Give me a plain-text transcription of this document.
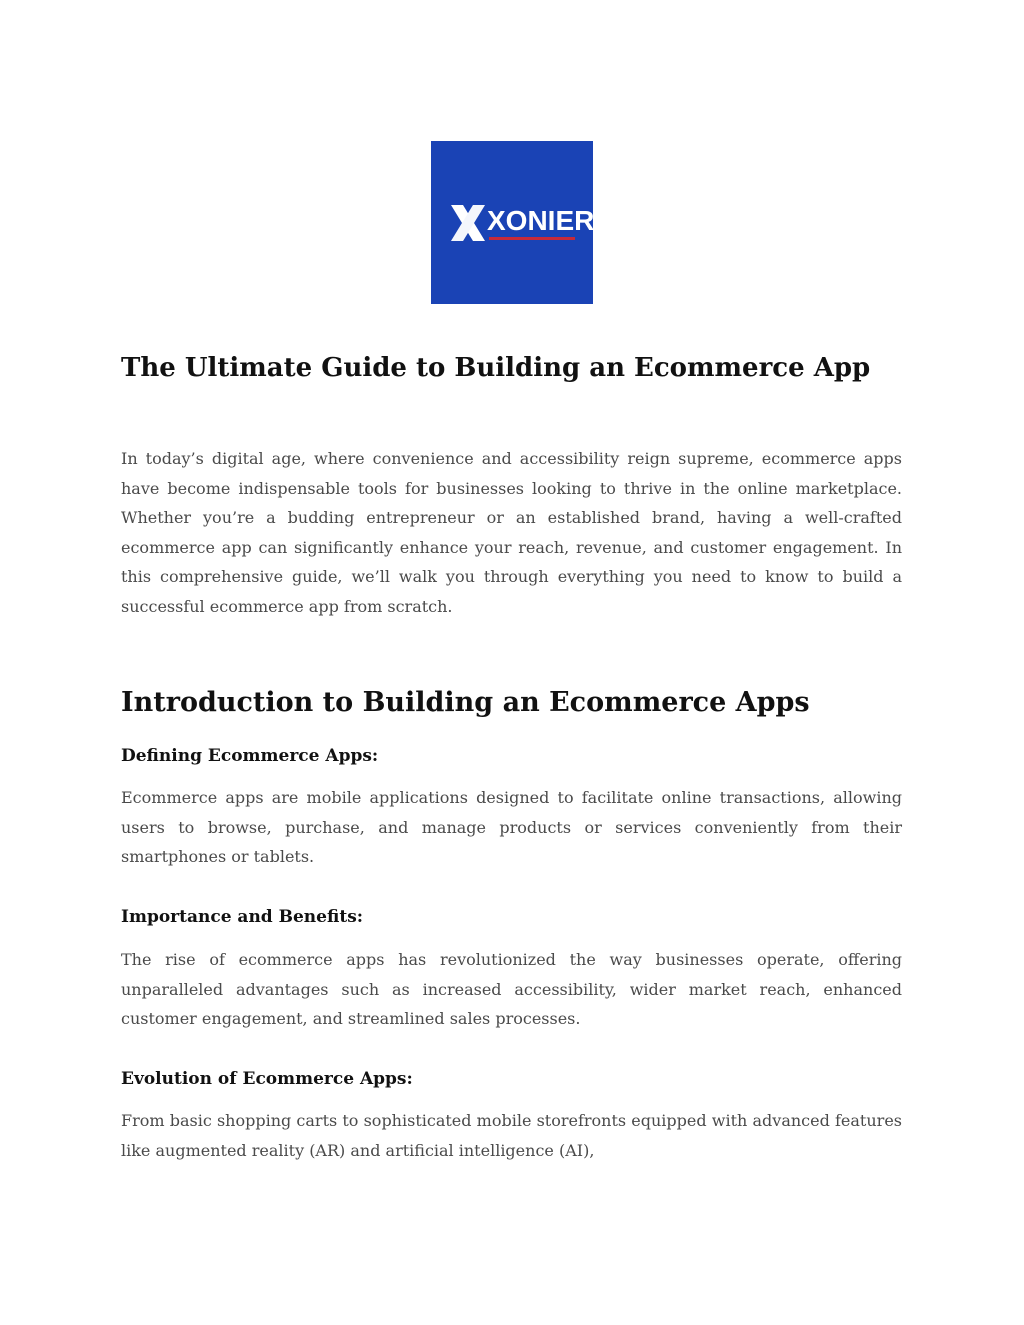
XONIER
The Ultimate Guide to Building an Ecommerce App

In today’s digital age, where convenience and accessibility reign supreme, ecommerce apps have become indispensable tools for businesses looking to thrive in the online marketplace. Whether you’re a budding entrepreneur or an established brand, having a well-crafted ecommerce app can significantly enhance your reach, revenue, and customer engagement. In this comprehensive guide, we’ll walk you through everything you need to know to build a successful ecommerce app from scratch.

Introduction to Building an Ecommerce Apps
Defining Ecommerce Apps:

Ecommerce apps are mobile applications designed to facilitate online transactions, allowing users to browse, purchase, and manage products or services conveniently from their smartphones or tablets.

Importance and Benefits:

The rise of ecommerce apps has revolutionized the way businesses operate, offering unparalleled advantages such as increased accessibility, wider market reach, enhanced customer engagement, and streamlined sales processes.

Evolution of Ecommerce Apps:

From basic shopping carts to sophisticated mobile storefronts equipped with advanced features like augmented reality (AR) and artificial intelligence (AI),
